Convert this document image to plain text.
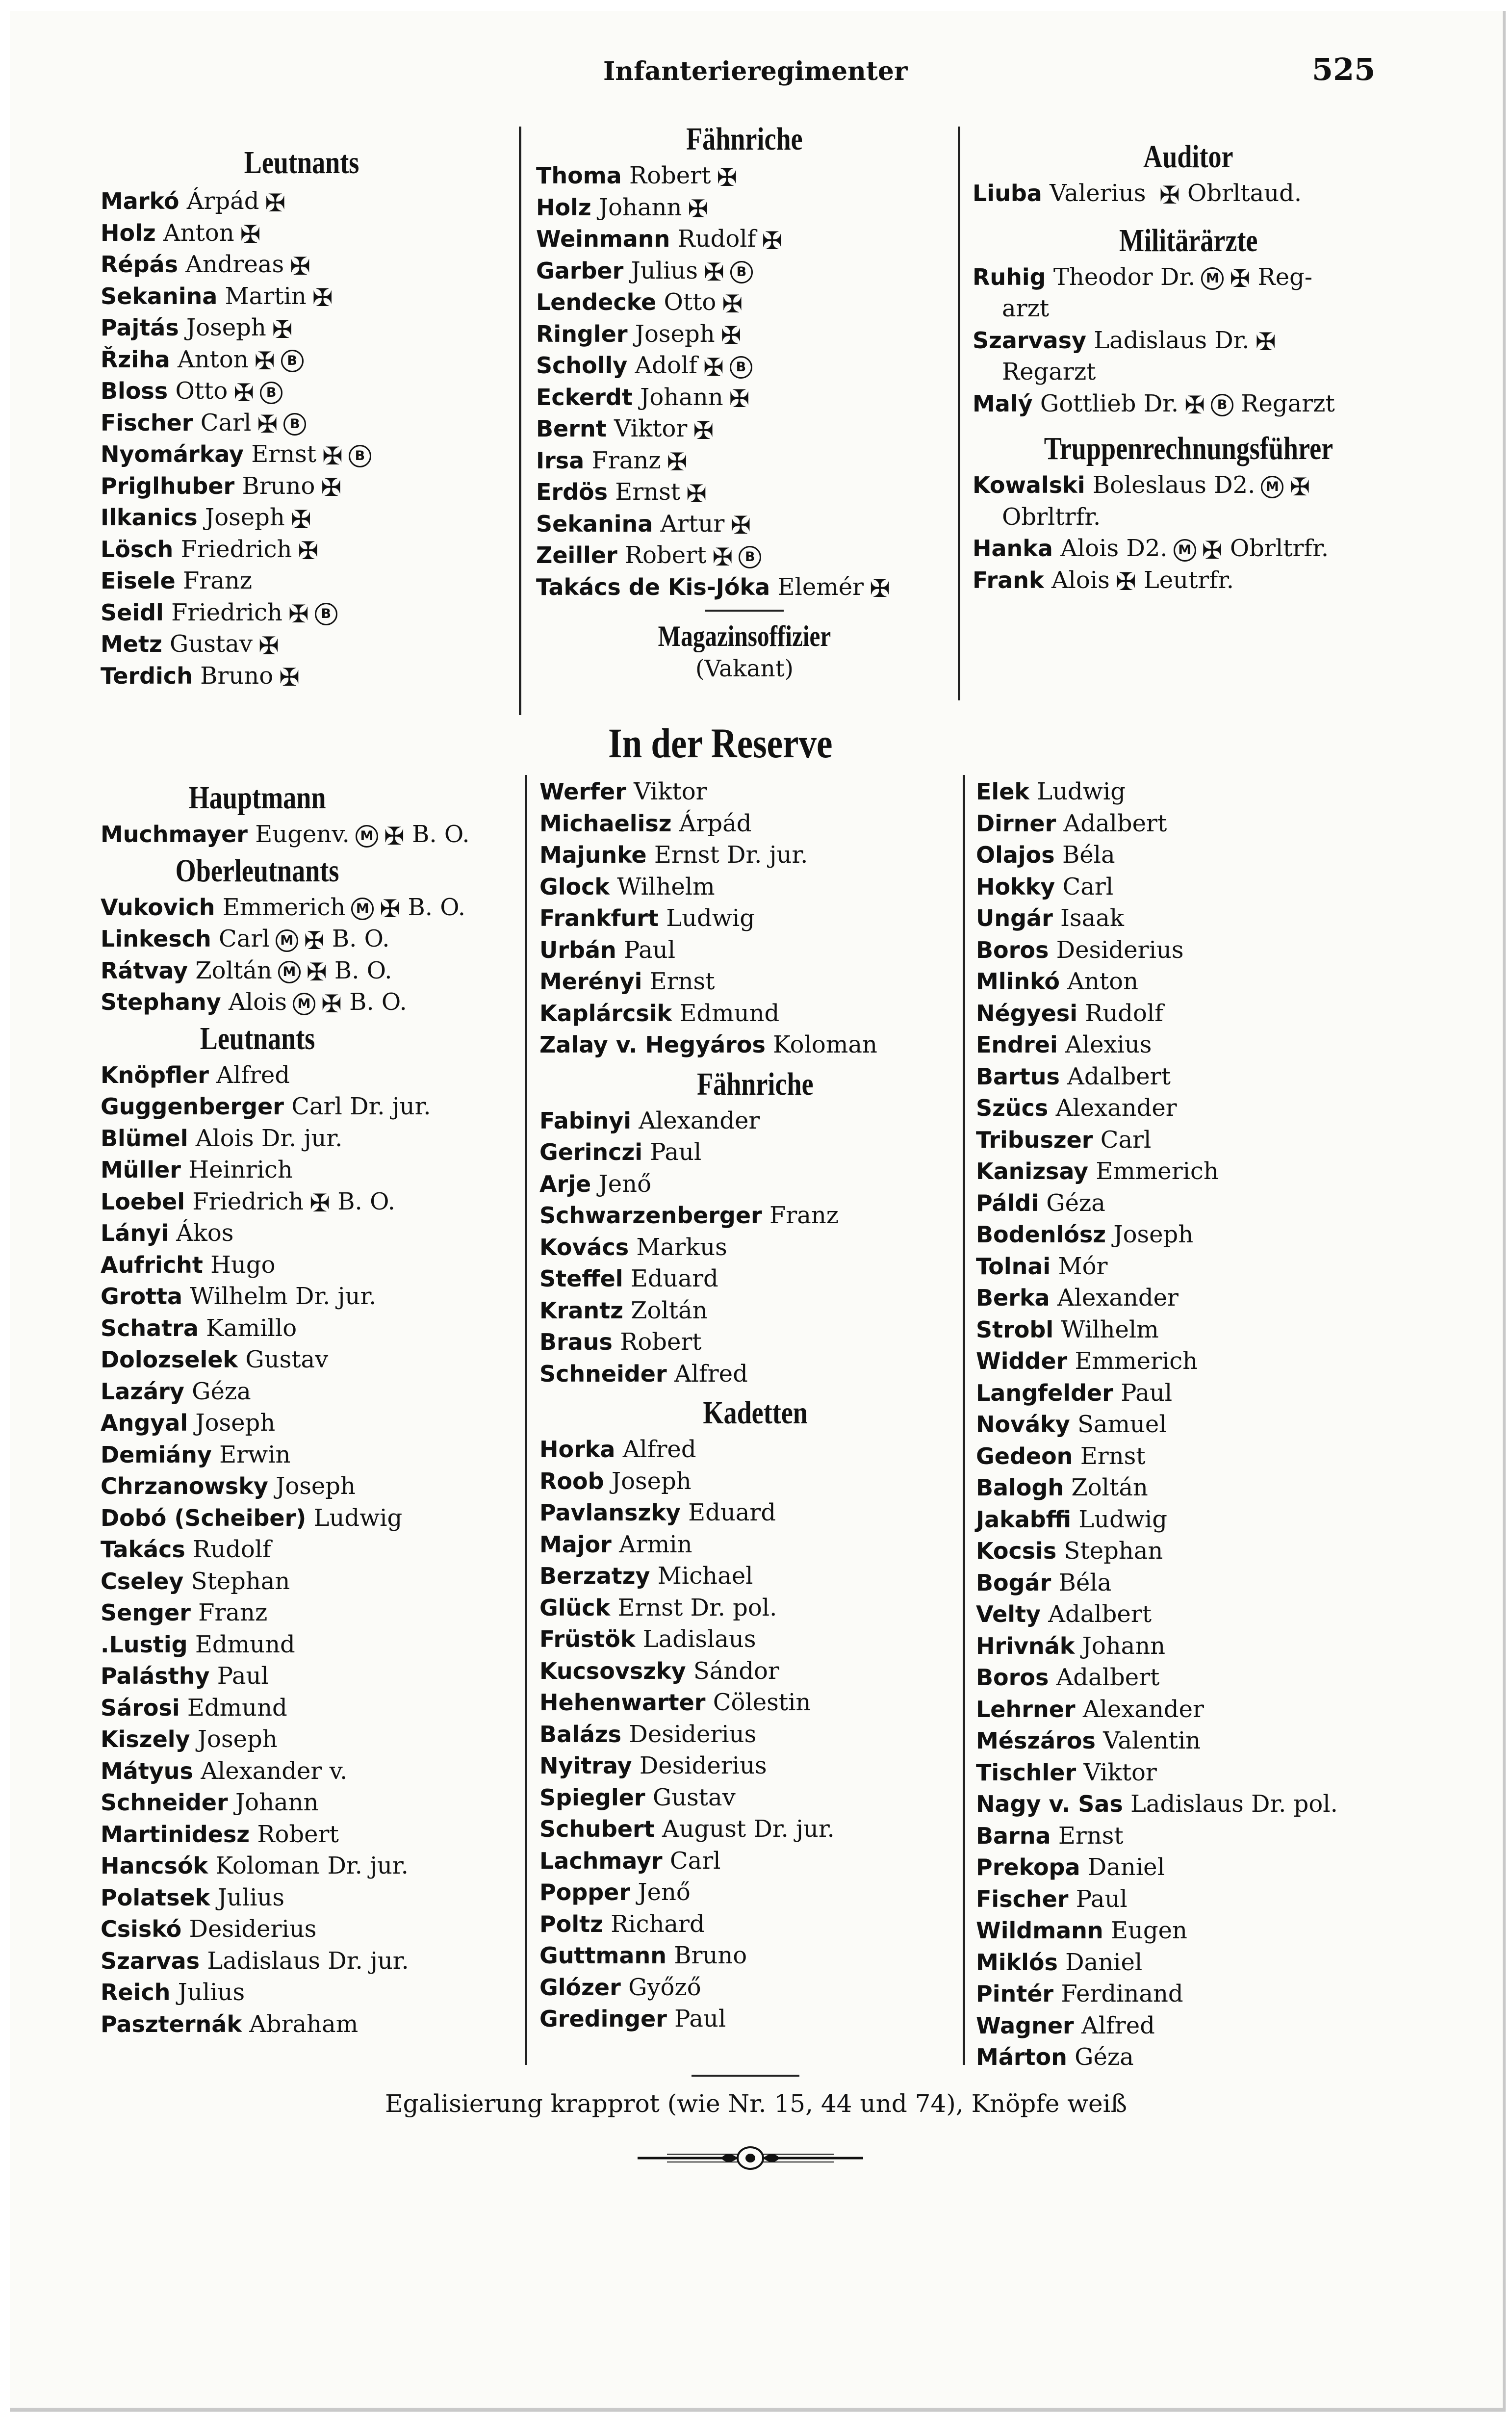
Infanterieregimenter	525
Leutnants
Markó Árpád ✠
Holz Anton ✠
Répás Andreas ✠
Sekanina Martin ✠
Pajtás Joseph ✠
Řziha Anton ✠ B
Bloss Otto ✠ B
Fischer Carl ✠ B
Nyomárkay Ernst ✠ B
Priglhuber Bruno ✠
Ilkanics Joseph ✠
Lösch Friedrich ✠
Eisele Franz
Seidl Friedrich ✠ B
Metz Gustav ✠
Terdich Bruno ✠
Fähnriche
Thoma Robert ✠
Holz Johann ✠
Weinmann Rudolf ✠
Garber Julius ✠ B
Lendecke Otto ✠
Ringler Joseph ✠
Scholly Adolf ✠ B
Eckerdt Johann ✠
Bernt Viktor ✠
Irsa Franz ✠
Erdös Ernst ✠
Sekanina Artur ✠
Zeiller Robert ✠ B
Takács de Kis-Jóka Elemér ✠
Magazinsoffizier
(Vakant)
Auditor
Liuba Valerius ✠ Obrltaud.
Militärärzte
Ruhig Theodor Dr. M ✠ Reg-
arzt
Szarvasy Ladislaus Dr. ✠
Regarzt
Malý Gottlieb Dr. ✠ B Regarzt
Truppenrechnungsführer
Kowalski Boleslaus D2. M ✠
Obrltrfr.
Hanka Alois D2. M ✠ Obrltrfr.
Frank Alois ✠ Leutrfr.
In der Reserve
Hauptmann
Muchmayer Eugenv. M ✠ B. O.
Oberleutnants
Vukovich Emmerich M ✠ B. O.
Linkesch Carl M ✠ B. O.
Rátvay Zoltán M ✠ B. O.
Stephany Alois M ✠ B. O.
Leutnants
Knöpfler Alfred
Guggenberger Carl Dr. jur.
Blümel Alois Dr. jur.
Müller Heinrich
Loebel Friedrich ✠ B. O.
Lányi Ákos
Aufricht Hugo
Grotta Wilhelm Dr. jur.
Schatra Kamillo
Dolozselek Gustav
Lazáry Géza
Angyal Joseph
Demiány Erwin
Chrzanowsky Joseph
Dobó (Scheiber) Ludwig
Takács Rudolf
Cseley Stephan
Senger Franz
.Lustig Edmund
Palásthy Paul
Sárosi Edmund
Kiszely Joseph
Mátyus Alexander v.
Schneider Johann
Martinidesz Robert
Hancsók Koloman Dr. jur.
Polatsek Julius
Csiskó Desiderius
Szarvas Ladislaus Dr. jur.
Reich Julius
Paszternák Abraham
Werfer Viktor
Michaelisz Árpád
Majunke Ernst Dr. jur.
Glock Wilhelm
Frankfurt Ludwig
Urbán Paul
Merényi Ernst
Kaplárcsik Edmund
Zalay v. Hegyáros Koloman
Fähnriche
Fabinyi Alexander
Gerinczi Paul
Arje Jenő
Schwarzenberger Franz
Kovács Markus
Steffel Eduard
Krantz Zoltán
Braus Robert
Schneider Alfred
Kadetten
Horka Alfred
Roob Joseph
Pavlanszky Eduard
Major Armin
Berzatzy Michael
Glück Ernst Dr. pol.
Früstök Ladislaus
Kucsovszky Sándor
Hehenwarter Cölestin
Balázs Desiderius
Nyitray Desiderius
Spiegler Gustav
Schubert August Dr. jur.
Lachmayr Carl
Popper Jenő
Poltz Richard
Guttmann Bruno
Glózer Győző
Gredinger Paul
Elek Ludwig
Dirner Adalbert
Olajos Béla
Hokky Carl
Ungár Isaak
Boros Desiderius
Mlinkó Anton
Négyesi Rudolf
Endrei Alexius
Bartus Adalbert
Szücs Alexander
Tribuszer Carl
Kanizsay Emmerich
Páldi Géza
Bodenlósz Joseph
Tolnai Mór
Berka Alexander
Strobl Wilhelm
Widder Emmerich
Langfelder Paul
Nováky Samuel
Gedeon Ernst
Balogh Zoltán
Jakabffi Ludwig
Kocsis Stephan
Bogár Béla
Velty Adalbert
Hrivnák Johann
Boros Adalbert
Lehrner Alexander
Mészáros Valentin
Tischler Viktor
Nagy v. Sas Ladislaus Dr. pol.
Barna Ernst
Prekopa Daniel
Fischer Paul
Wildmann Eugen
Miklós Daniel
Pintér Ferdinand
Wagner Alfred
Márton Géza
Egalisierung krapprot (wie Nr. 15, 44 und 74), Knöpfe weiß
